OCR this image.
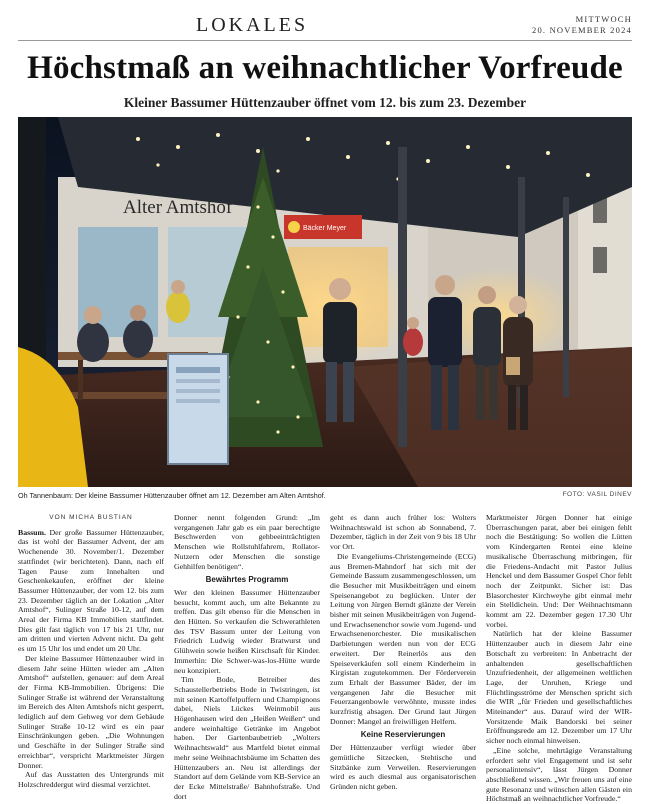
LOKALES	MITTWOCH
20. NOVEMBER 2024
Höchstmaß an weihnachtlicher Vorfreude
Kleiner Bassumer Hüttenzauber öffnet vom 12. bis zum 23. Dezember
Alter Amtshof
Bäcker Meyer
Oh Tannenbaum: Der kleine Bassumer Hüttenzauber öffnet am 12. Dezember am Alten Amtshof.	FOTO: VASIL DINEV
VON MICHA BUSTIAN

Bassum. Der große Bassumer Hüttenzauber, das ist wohl der Bassumer Advent, der am Wochenende 30. November/1. Dezember stattfindet (wir berichteten). Dann, nach elf Tagen Pause zum Innehalten und Geschenkekaufen, eröffnet der kleine Bassumer Hüttenzauber, der vom 12. bis zum 23. Dezember täglich an der Lokation „Alter Amtshof“, Sulinger Straße 10-12, auf dem Areal der Firma KB Immobilien stattfindet. Dies gilt fast täglich von 17 bis 21 Uhr, nur am dritten und vierten Advent nicht. Da geht es um 15 Uhr los und endet um 20 Uhr.

Der kleine Bassumer Hüttenzauber wird in diesem Jahr seine Hütten wieder am „Alten Amtshof“ aufstellen, genauer: auf dem Areal der Firma KB-Immobilien. Übrigens: Die Sulinger Straße ist während der Veranstaltung im Bereich des Alten Amtshofs nicht gesperrt, lediglich auf dem Gehweg vor dem Gebäude Sulinger Straße 10-12 wird es ein paar Einschränkungen geben. „Die Wohnungen und Geschäfte in der Sulinger Straße sind erreichbar“, verspricht Marktmeister Jürgen Donner.

Auf das Ausstatten des Untergrunds mit Holzschreddergut wird diesmal verzichtet.

Donner nennt folgenden Grund: „Im vergangenen Jahr gab es ein paar berechtigte Beschwerden von gehbeeinträchtigten Menschen wie Rollstuhlfahrern, Rollator-Nutzern oder Menschen die sonstige Gehhilfen benötigen“.

Bewährtes Programm

Wer den kleinen Bassumer Hüttenzauber besucht, kommt auch, um alte Bekannte zu treffen. Das gilt ebenso für die Menschen in den Hütten. So verkaufen die Schwerathleten des TSV Bassum unter der Leitung von Friedrich Ludwig wieder Bratwurst und Glühwein sowie heißen Kirschsaft für Kinder. Immerhin: Die Schwer-was-los-Hütte wurde neu konzipiert.

Tim Bode, Betreiber des Schaustellerbetriebs Bode in Twistringen, ist mit seinen Kartoffelpuffern und Champignons dabei, Niels Lückes Weinmobil aus Högenhausen wird den „Heißen Weißen“ und andere weinhaltige Getränke im Angebot haben. Der Gartenbaubetrieb „Wolters Weihnachtswald“ aus Martfeld bietet einmal mehr seine Weihnachtsbäume im Schatten des Hüttenzaubers an. Neu ist allerdings der Standort auf dem Gelände vom KB-Service an der Ecke Mittelstraße/ Bahnhofstraße. Und dort

geht es dann auch früher los: Wolters Weihnachtswald ist schon ab Sonnabend, 7. Dezember, täglich in der Zeit von 9 bis 18 Uhr vor Ort.

Die Evangeliums-Christengemeinde (ECG) aus Bremen-Mahndorf hat sich mit der Gemeinde Bassum zusammengeschlossen, um die Besucher mit Musikbeiträgen und einem Speisenangebot zu beglücken. Unter der Leitung von Jürgen Berndt glänzte der Verein bisher mit seinen Musikbeiträgen von Jugend- und Erwachsenenchor sowie vom Jugend- und Erwachsenenorchester. Die musikalischen Darbietungen werden nun von der ECG erweitert. Der Reinerlös aus den Speiseverkäufen soll einem Kinderheim in Kirgistan zugutekommen. Der Förderverein zum Erhalt der Bassumer Bäder, der im vergangenen Jahr die Besucher mit Feuerzangenbowle verwöhnte, musste indes kurzfristig absagen. Der Grund laut Jürgen Donner: Mangel an freiwilligen Helfern.

Keine Reservierungen

Der Hüttenzauber verfügt wieder über gemütliche Sitzecken, Stehtische und Sitzbänke zum Verweilen. Reservierungen wird es auch diesmal aus organisatorischen Gründen nicht geben.

Marktmeister Jürgen Donner hat einige Überraschungen parat, aber bei einigen fehlt noch die Bestätigung: So wollen die Lütten vom Kindergarten Rentei eine kleine musikalische Überraschung mitbringen, für die Friedens-Andacht mit Pastor Julius Henckel und dem Bassumer Gospel Chor fehlt noch der Zeitpunkt. Sicher ist: Das Blasorchester Kirchweyhe gibt einmal mehr ein Stelldichein. Und: Der Weihnachtsmann kommt am 22. Dezember gegen 17.30 Uhr vorbei.

Natürlich hat der kleine Bassumer Hüttenzauber auch in diesem Jahr eine Botschaft zu verbreiten: In Anbetracht der anhaltenden gesellschaftlichen Unzufriedenheit, der allgemeinen weltlichen Lage, der Unruhen, Kriege und Flüchtlingsströme der Menschen spricht sich die WIR „für Frieden und gesellschaftliches Miteinander“ aus. Darauf wird der WIR-Vorsitzende Maik Bandorski bei seiner Eröffnungsrede am 12. Dezember um 17 Uhr sicher noch einmal hinweisen.

„Eine solche, mehrtägige Veranstaltung erfordert sehr viel Engagement und ist sehr personalintensiv“, lässt Jürgen Donner abschließend wissen. „Wir freuen uns auf eine gute Resonanz und wünschen allen Gästen ein Höchstmaß an weihnachtlicher Vorfreude.“
